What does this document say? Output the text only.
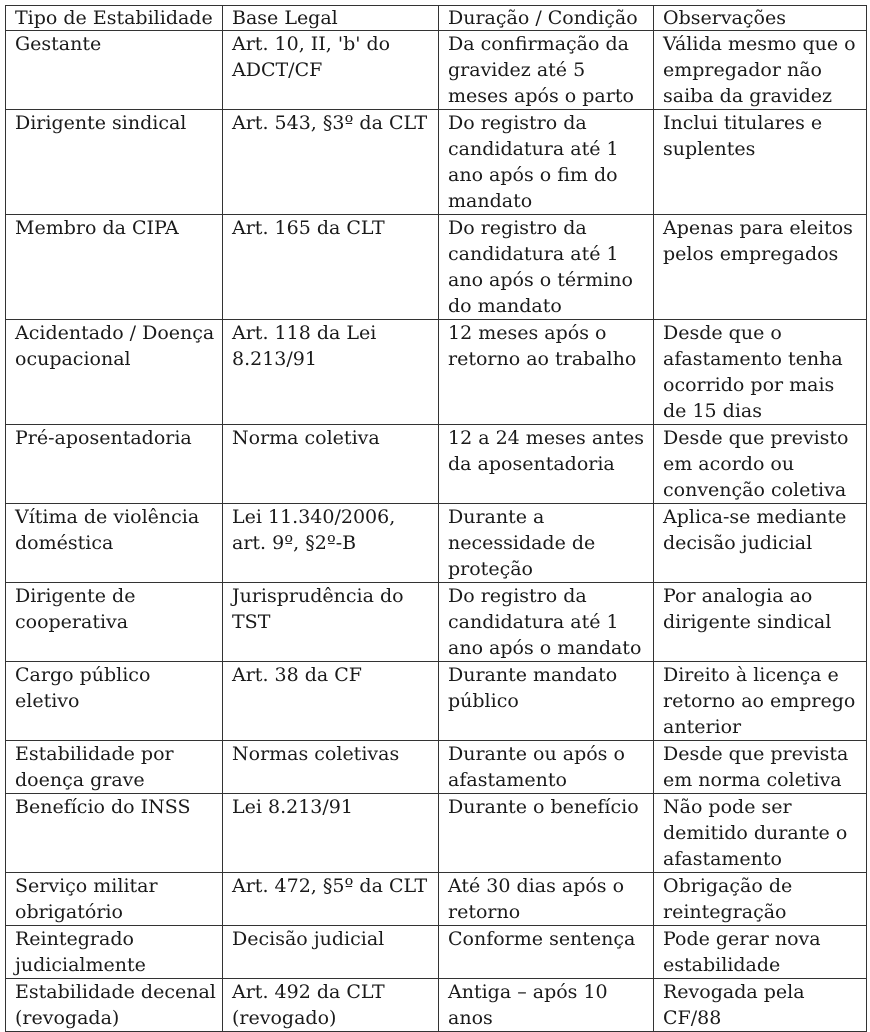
Tipo de Estabilidade	Base Legal	Duração / Condição	Observações
Gestante	Art. 10, II, 'b' do ADCT/CF	Da confirmação da gravidez até 5 meses após o parto	Válida mesmo que o empregador não saiba da gravidez
Dirigente sindical	Art. 543, §3º da CLT	Do registro da candidatura até 1 ano após o fim do mandato	Inclui titulares e suplentes
Membro da CIPA	Art. 165 da CLT	Do registro da candidatura até 1 ano após o término do mandato	Apenas para eleitos pelos empregados
Acidentado / Doença ocupacional	Art. 118 da Lei 8.213/91	12 meses após o retorno ao trabalho	Desde que o afastamento tenha ocorrido por mais de 15 dias
Pré-aposentadoria	Norma coletiva	12 a 24 meses antes da aposentadoria	Desde que previsto em acordo ou convenção coletiva
Vítima de violência doméstica	Lei 11.340/2006, art. 9º, §2º-B	Durante a necessidade de proteção	Aplica-se mediante decisão judicial
Dirigente de cooperativa	Jurisprudência do TST	Do registro da candidatura até 1 ano após o mandato	Por analogia ao dirigente sindical
Cargo público eletivo	Art. 38 da CF	Durante mandato público	Direito à licença e retorno ao emprego anterior
Estabilidade por doença grave	Normas coletivas	Durante ou após o afastamento	Desde que prevista em norma coletiva
Benefício do INSS	Lei 8.213/91	Durante o benefício	Não pode ser demitido durante o afastamento
Serviço militar obrigatório	Art. 472, §5º da CLT	Até 30 dias após o retorno	Obrigação de reintegração
Reintegrado judicialmente	Decisão judicial	Conforme sentença	Pode gerar nova estabilidade
Estabilidade decenal (revogada)	Art. 492 da CLT (revogado)	Antiga – após 10 anos	Revogada pela CF/88
